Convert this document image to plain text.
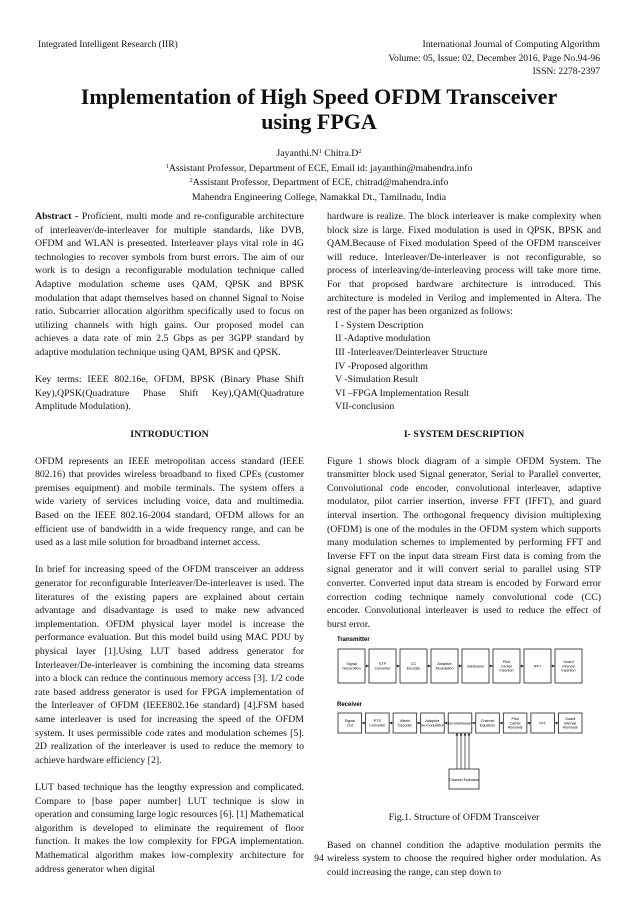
Integrated Intelligent Research (IIR)	International Journal of Computing Algorithm
Volume: 05, Issue: 02, December 2016, Page No.94-96
ISSN: 2278-2397
Implementation of High Speed OFDM Transceiver
using FPGA
$Jayanthi.N^1$ $Chitra.D^2$
$^1$Assistant Professor, Department of ECE, Email id: jayanthin@mahendra.info
$^2$Assistant Professor, Department of ECE, chitrad@mahendra.info
Mahendra Engineering College, Namakkal Dt., Tamilnadu, India

Abstract - Proficient, multi mode and re-configurable architecture of interleaver/de-interleaver for multiple standards, like DVB, OFDM and WLAN is presented. Interleaver plays vital role in 4G technologies to recover symbols from burst errors. The aim of our work is to design a reconfigurable modulation technique called Adaptive modulation scheme uses QAM, QPSK and BPSK modulation that adapt themselves based on channel Signal to Noise ratio. Subcarrier allocation algorithm specifically used to focus on utilizing channels with high gains. Our proposed model can achieves a data rate of min 2.5 Gbps as per 3GPP standard by adaptive modulation technique using QAM, BPSK and QPSK.

Key terms: IEEE 802.16e, OFDM, BPSK (Binary Phase Shift Key),QPSK(Quadrature Phase Shift Key),QAM(Quadrature Amplitude Modulation).

INTRODUCTION

OFDM represents an IEEE metropolitan access standard (IEEE 802.16) that provides wireless broadband to fixed CPEs (customer premises equipment) and mobile terminals. The system offers a wide variety of services including voice, data and multimedia. Based on the IEEE 802.16-2004 standard, OFDM allows for an efficient use of bandwidth in a wide frequency range, and can be used as a last mile solution for broadband internet access.

In brief for increasing speed of the OFDM transceiver an address generator for reconfigurable Interleaver/De-interleaver is used. The literatures of the existing papers are explained about certain advantage and disadvantage is used to make new advanced implementation. OFDM physical layer model is increase the performance evaluation. But this model build using MAC PDU by physical layer [1].Using LUT based address generator for Interleaver/De-interleaver is combining the incoming data streams into a block can reduce the continuous memory access [3]. 1/2 code rate based address generator is used for FPGA implementation of the Interleaver of OFDM (IEEE802.16e standard) [4].FSM based same interleaver is used for increasing the speed of the OFDM system. It uses permissible code rates and modulation schemes [5]. 2D realization of the interleaver is used to reduce the memory to achieve hardware efficiency [2].

LUT based technique has the lengthy expression and complicated. Compare to [base paper number] LUT technique is slow in operation and consuming large logic resources [6]. [1] Mathematical algorithm is developed to eliminate the requirement of floor function. It makes the low complexity for FPGA implementation. Mathematical algorithm makes low-complexity architecture for address generator when digital

hardware is realize. The block interleaver is make complexity when block size is large. Fixed modulation is used in QPSK, BPSK and QAM.Because of Fixed modulation Speed of the OFDM transceiver will reduce. Interleaver/De-interleaver is not reconfigurable, so process of interleaving/de-interleaving process will take more time. For that proposed hardware architecture is introduced. This architecture is modeled in Verilog and implemented in Altera. The rest of the paper has been organized as follows:

I - System Description
II -Adaptive modulation
III -Interleaver/Deinterleaver Structure
IV -Proposed algorithm
V -Simulation Result
VI –FPGA Implementation Result
VII-conclusion

I- SYSTEM DESCRIPTION

Figure 1 shows block diagram of a simple OFDM System. The transmitter block used Signal generator, Serial to Parallel converter, Convolutional code encoder, convolutional interleaver, adaptive modulator, pilot carrier insertion, inverse FFT (IFFT), and guard interval insertion. The orthogonal frequency division multiplexing (OFDM) is one of the modules in the OFDM system which supports many modulation schemes to implemented by performing FFT and Inverse FFT on the input data stream First data is coming from the signal generator and it will convert serial to parallel using STP converter. Converted input data stream is encoded by Forward error correction coding technique namely convolutional code (CC) encoder. Convolutional interleaver is used to reduce the effect of burst error.

Signal Generation
STP Converter
CC Encoder
Adaptive Modulation
Interleaver
Pilot Carrier Insertion
IFFT
Guard interval Insertion
Signal Out
PTS Converter
Viterbi Decoder
Adaptive De-modulation
De-interleaver
Channel Equalizer
Pilot Carrier Removal
FFT
Guard interval Removal
Transmitter
Receiver
Channel Estimator

Fig.1. Structure of OFDM Transceiver

Based on channel condition the adaptive modulation permits the wireless system to choose the required higher order modulation. As could increasing the range, can step down to

94
